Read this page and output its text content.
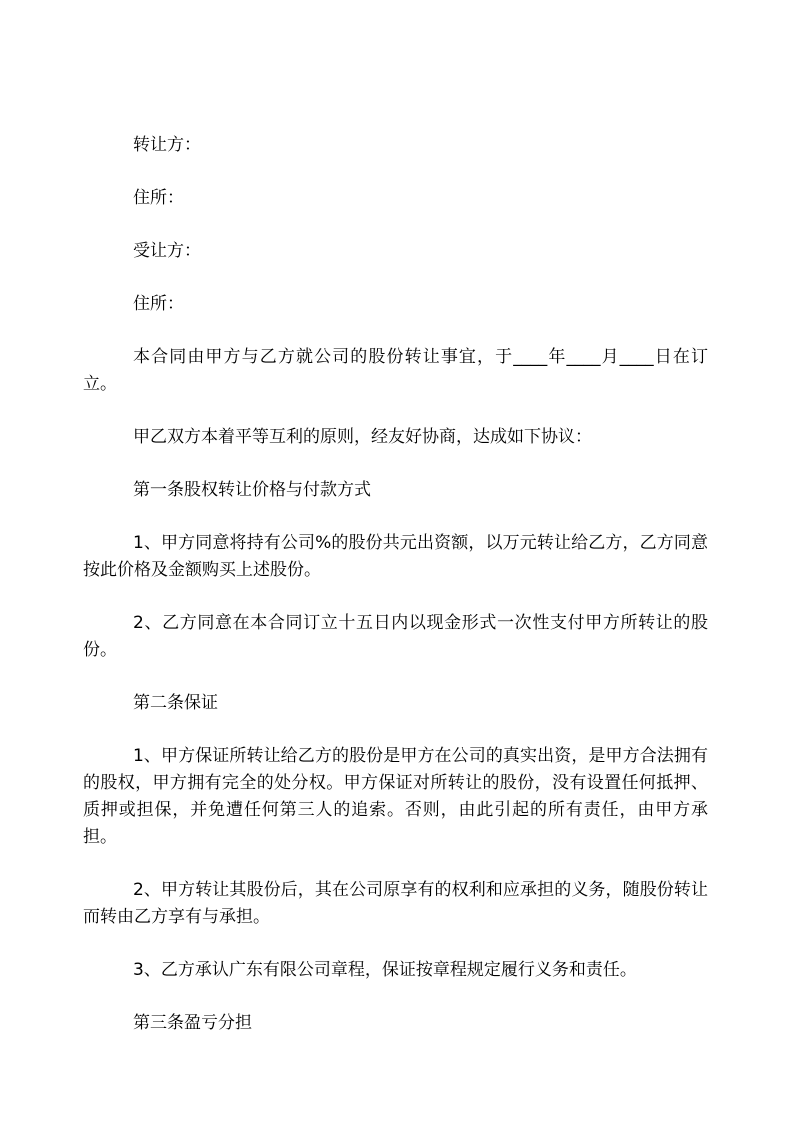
转让方：

住所：

受让方：

住所：

本合同由甲方与乙方就公司的股份转让事宜，于____年____月____日在订立。

甲乙双方本着平等互利的原则，经友好协商，达成如下协议：

第一条股权转让价格与付款方式

1、甲方同意将持有公司%的股份共元出资额，以万元转让给乙方，乙方同意按此价格及金额购买上述股份。

2、乙方同意在本合同订立十五日内以现金形式一次性支付甲方所转让的股份。

第二条保证

1、甲方保证所转让给乙方的股份是甲方在公司的真实出资，是甲方合法拥有的股权，甲方拥有完全的处分权。甲方保证对所转让的股份，没有设置任何抵押、质押或担保，并免遭任何第三人的追索。否则，由此引起的所有责任，由甲方承担。

2、甲方转让其股份后，其在公司原享有的权利和应承担的义务，随股份转让而转由乙方享有与承担。

3、乙方承认广东有限公司章程，保证按章程规定履行义务和责任。

第三条盈亏分担
